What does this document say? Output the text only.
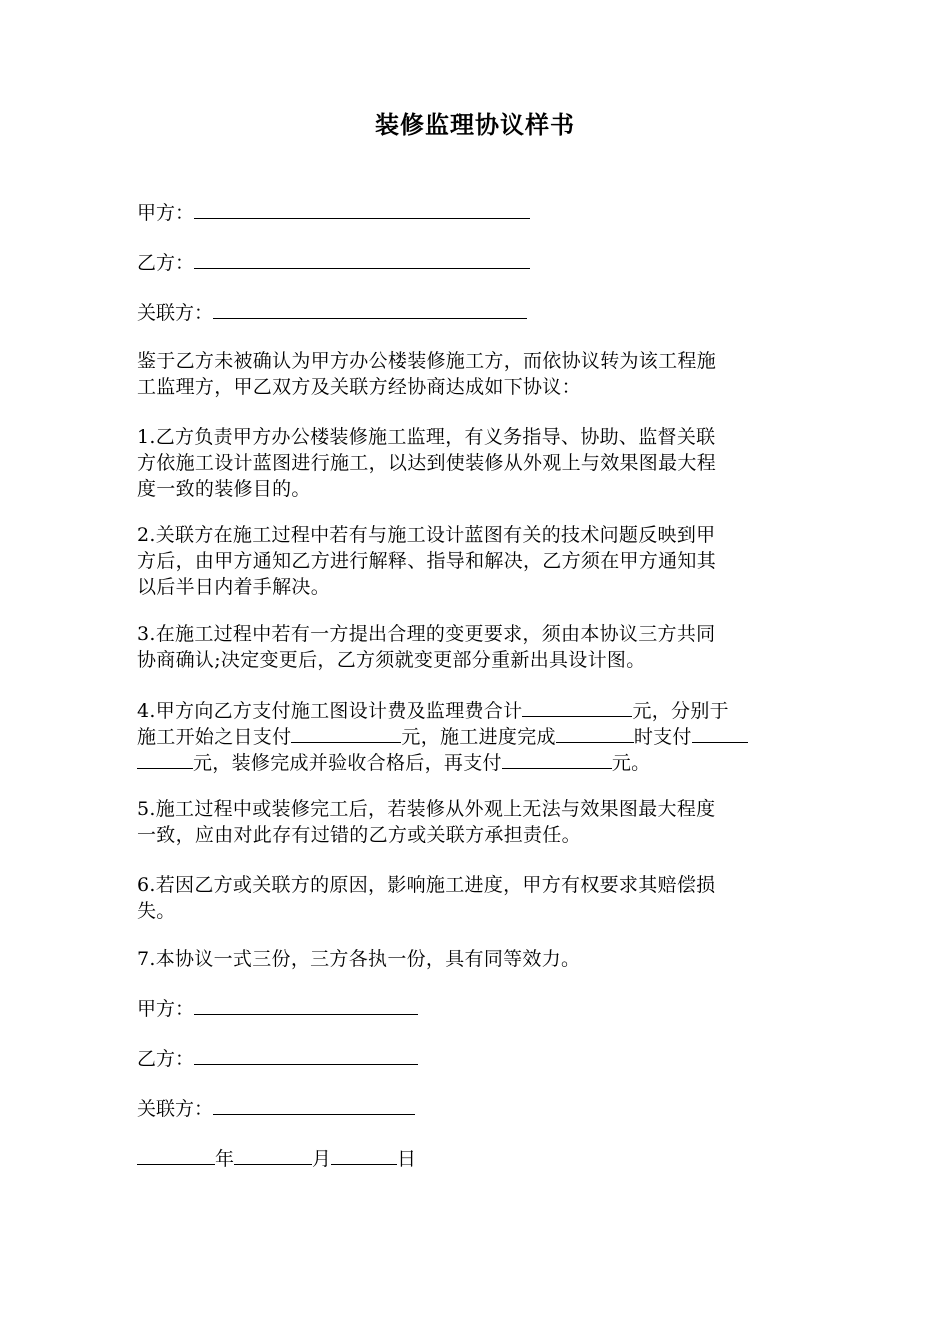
装修监理协议样书
甲方：
乙方：
关联方：
鉴于乙方未被确认为甲方办公楼装修施工方，而依协议转为该工程施
工监理方，甲乙双方及关联方经协商达成如下协议：
1.乙方负责甲方办公楼装修施工监理，有义务指导、协助、监督关联
方依施工设计蓝图进行施工，以达到使装修从外观上与效果图最大程
度一致的装修目的。
2.关联方在施工过程中若有与施工设计蓝图有关的技术问题反映到甲
方后，由甲方通知乙方进行解释、指导和解决，乙方须在甲方通知其
以后半日内着手解决。
3.在施工过程中若有一方提出合理的变更要求，须由本协议三方共同
协商确认;决定变更后，乙方须就变更部分重新出具设计图。
4.甲方向乙方支付施工图设计费及监理费合计	元，分别于
施工开始之日支付	元，施工进度完成	时支付
元，装修完成并验收合格后，再支付	元。
5.施工过程中或装修完工后，若装修从外观上无法与效果图最大程度
一致，应由对此存有过错的乙方或关联方承担责任。
6.若因乙方或关联方的原因，影响施工进度，甲方有权要求其赔偿损
失。
7.本协议一式三份，三方各执一份，具有同等效力。
甲方：
乙方：
关联方：
年	月	日
